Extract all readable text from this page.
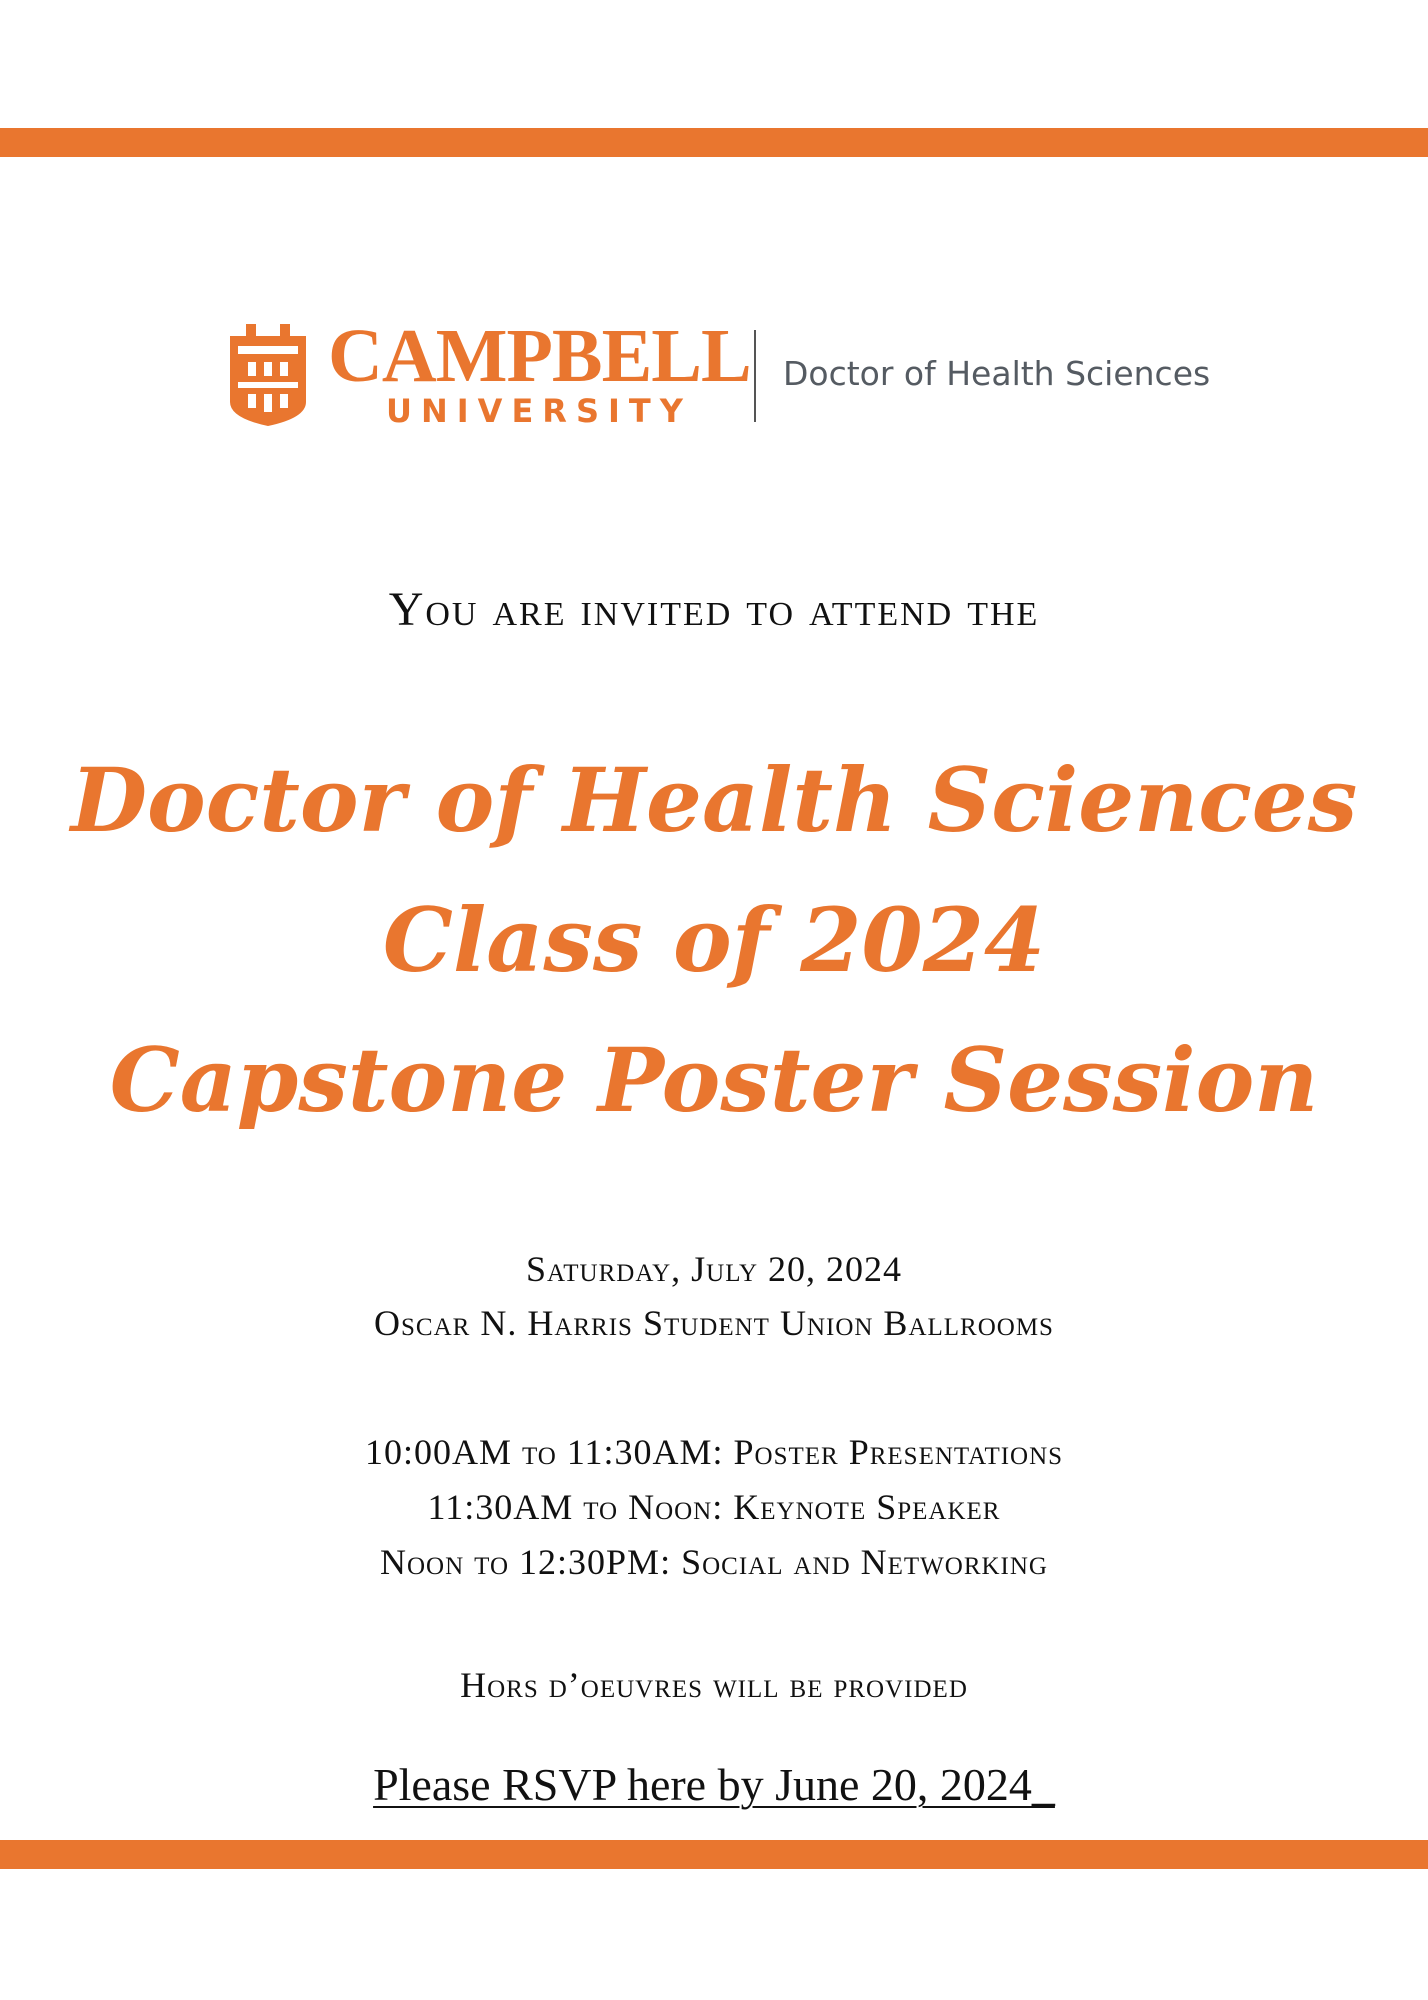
CAMPBELL
UNIVERSITY
Doctor of Health Sciences
You are invited to attend the
Doctor of Health Sciences
Class of 2024
Capstone Poster Session
Saturday, July 20, 2024
Oscar N. Harris Student Union Ballrooms
10:00AM to 11:30AM: Poster Presentations
11:30AM to Noon: Keynote Speaker
Noon to 12:30PM: Social and Networking
Hors d’oeuvres will be provided
Please RSVP here by June 20, 2024_
